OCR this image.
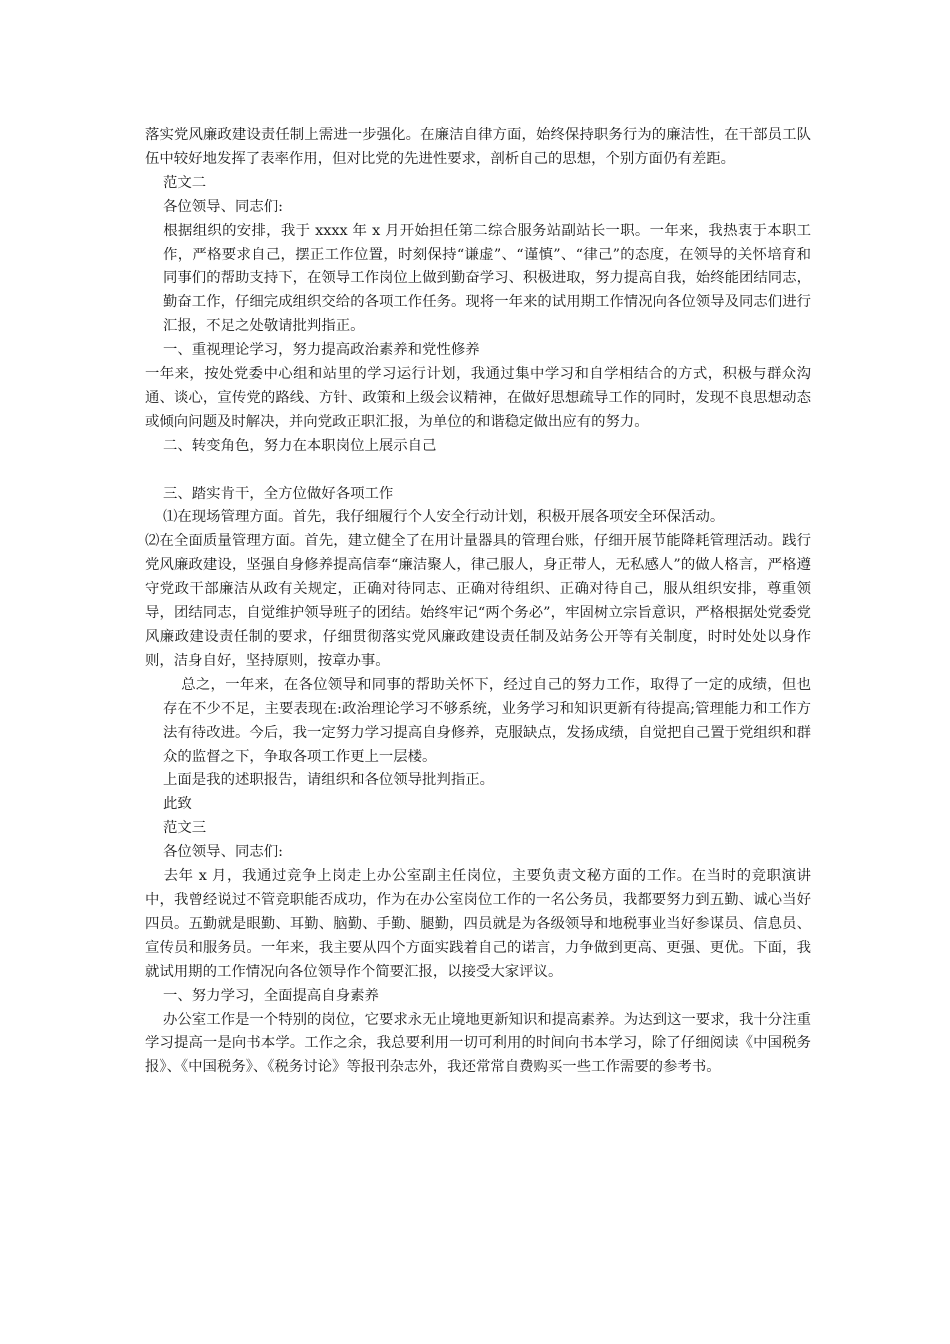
落实党风廉政建设责任制上需进一步强化。在廉洁自律方面，始终保持职务行为的廉洁性，在干部员工队伍中较好地发挥了表率作用，但对比党的先进性要求，剖析自己的思想，个别方面仍有差距。

范文二

各位领导、同志们:

根据组织的安排，我于 xxxx 年 x 月开始担任第二综合服务站副站长一职。一年来，我热衷于本职工作，严格要求自己，摆正工作位置，时刻保持“谦虚”、“谨慎”、“律己”的态度，在领导的关怀培育和同事们的帮助支持下，在领导工作岗位上做到勤奋学习、积极进取，努力提高自我，始终能团结同志，勤奋工作，仔细完成组织交给的各项工作任务。现将一年来的试用期工作情况向各位领导及同志们进行汇报，不足之处敬请批判指正。

一、重视理论学习，努力提高政治素养和党性修养

一年来，按处党委中心组和站里的学习运行计划，我通过集中学习和自学相结合的方式，积极与群众沟通、谈心，宣传党的路线、方针、政策和上级会议精神，在做好思想疏导工作的同时，发现不良思想动态或倾向问题及时解决，并向党政正职汇报，为单位的和谐稳定做出应有的努力。

二、转变角色，努力在本职岗位上展示自己

三、踏实肯干，全方位做好各项工作

⑴在现场管理方面。首先，我仔细履行个人安全行动计划，积极开展各项安全环保活动。

⑵在全面质量管理方面。首先，建立健全了在用计量器具的管理台账，仔细开展节能降耗管理活动。践行党风廉政建设，坚强自身修养提高信奉“廉洁聚人，律己服人，身正带人，无私感人”的做人格言，严格遵守党政干部廉洁从政有关规定，正确对待同志、正确对待组织、正确对待自己，服从组织安排，尊重领导，团结同志，自觉维护领导班子的团结。始终牢记“两个务必”，牢固树立宗旨意识，严格根据处党委党风廉政建设责任制的要求，仔细贯彻落实党风廉政建设责任制及站务公开等有关制度，时时处处以身作则，洁身自好，坚持原则，按章办事。

总之，一年来，在各位领导和同事的帮助关怀下，经过自己的努力工作，取得了一定的成绩，但也存在不少不足，主要表现在:政治理论学习不够系统，业务学习和知识更新有待提高;管理能力和工作方法有待改进。今后，我一定努力学习提高自身修养，克服缺点，发扬成绩，自觉把自己置于党组织和群众的监督之下，争取各项工作更上一层楼。

上面是我的述职报告，请组织和各位领导批判指正。

此致

范文三

各位领导、同志们:

去年 x 月，我通过竞争上岗走上办公室副主任岗位，主要负责文秘方面的工作。在当时的竞职演讲中，我曾经说过不管竞职能否成功，作为在办公室岗位工作的一名公务员，我都要努力到五勤、诚心当好四员。五勤就是眼勤、耳勤、脑勤、手勤、腿勤，四员就是为各级领导和地税事业当好参谋员、信息员、宣传员和服务员。一年来，我主要从四个方面实践着自己的诺言，力争做到更高、更强、更优。下面，我就试用期的工作情况向各位领导作个简要汇报，以接受大家评议。

一、努力学习，全面提高自身素养

办公室工作是一个特别的岗位，它要求永无止境地更新知识和提高素养。为达到这一要求，我十分注重学习提高一是向书本学。工作之余，我总要利用一切可利用的时间向书本学习，除了仔细阅读《中国税务报》、《中国税务》、《税务讨论》等报刊杂志外，我还常常自费购买一些工作需要的参考书。
